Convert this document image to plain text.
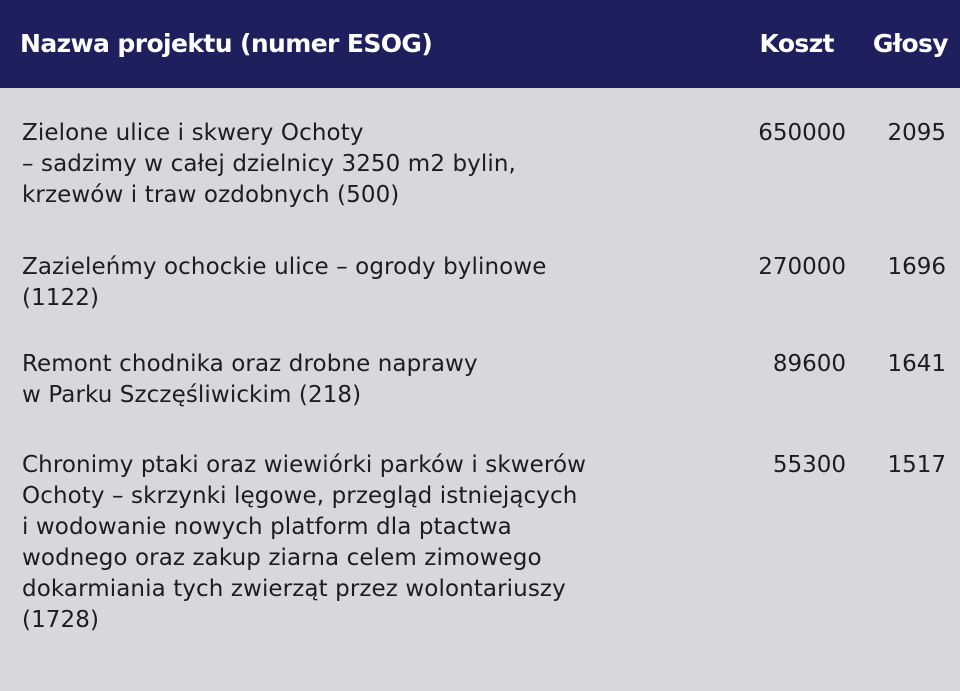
Nazwa projektu (numer ESOG)	Koszt Głosy
Zielone ulice i skwery Ochoty
– sadzimy w całej dzielnicy 3250 m2 bylin,
krzewów i traw ozdobnych (500)
650000 2095
Zazieleńmy ochockie ulice – ogrody bylinowe
(1122)
270000 1696
Remont chodnika oraz drobne naprawy
w Parku Szczęśliwickim (218)
89600 1641
Chronimy ptaki oraz wiewiórki parków i skwerów
Ochoty – skrzynki lęgowe, przegląd istniejących
i wodowanie nowych platform dla ptactwa
wodnego oraz zakup ziarna celem zimowego
dokarmiania tych zwierząt przez wolontariuszy
(1728)
55300 1517
